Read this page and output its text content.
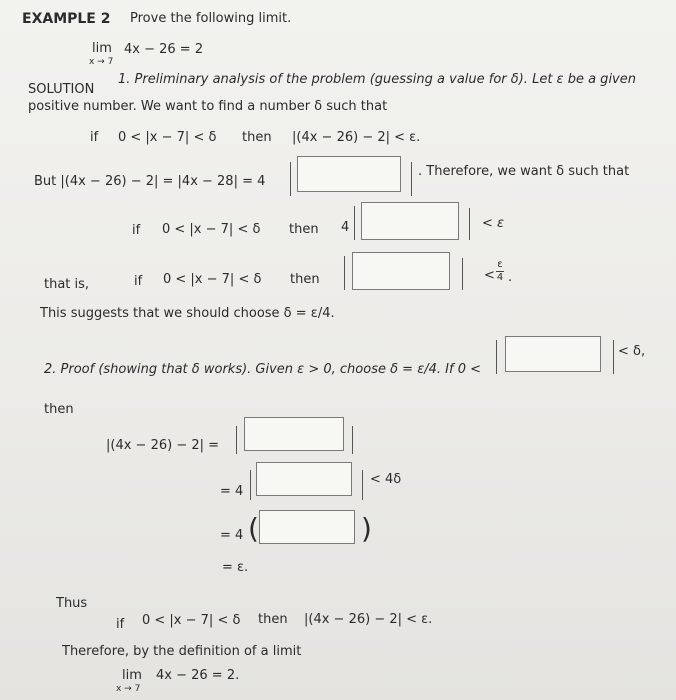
EXAMPLE 2 Prove the following limit.
lim
x → 7
4x − 26 = 2
SOLUTION
1. Preliminary analysis of the problem (guessing a value for δ). Let ε be a given
positive number. We want to find a number δ such that
if 0 < |x − 7| < δ then |(4x − 26) − 2| < ε.
But |(4x − 26) − 2| = |4x − 28| = 4
. Therefore, we want δ such that
if 0 < |x − 7| < δ then 4	< ε
that is,	if 0 < |x − 7| < δ then	<
ε
4 .
This suggests that we should choose δ = ε/4.
2. Proof (showing that δ works). Given ε > 0, choose δ = ε/4. If 0 <
< δ,
then
|(4x − 26) − 2| =
= 4
< 4δ
= 4 (	)
= ε.
Thus
if 0 < |x − 7| < δ then |(4x − 26) − 2| < ε.
Therefore, by the definition of a limit
lim
x → 7
4x − 26 = 2.
